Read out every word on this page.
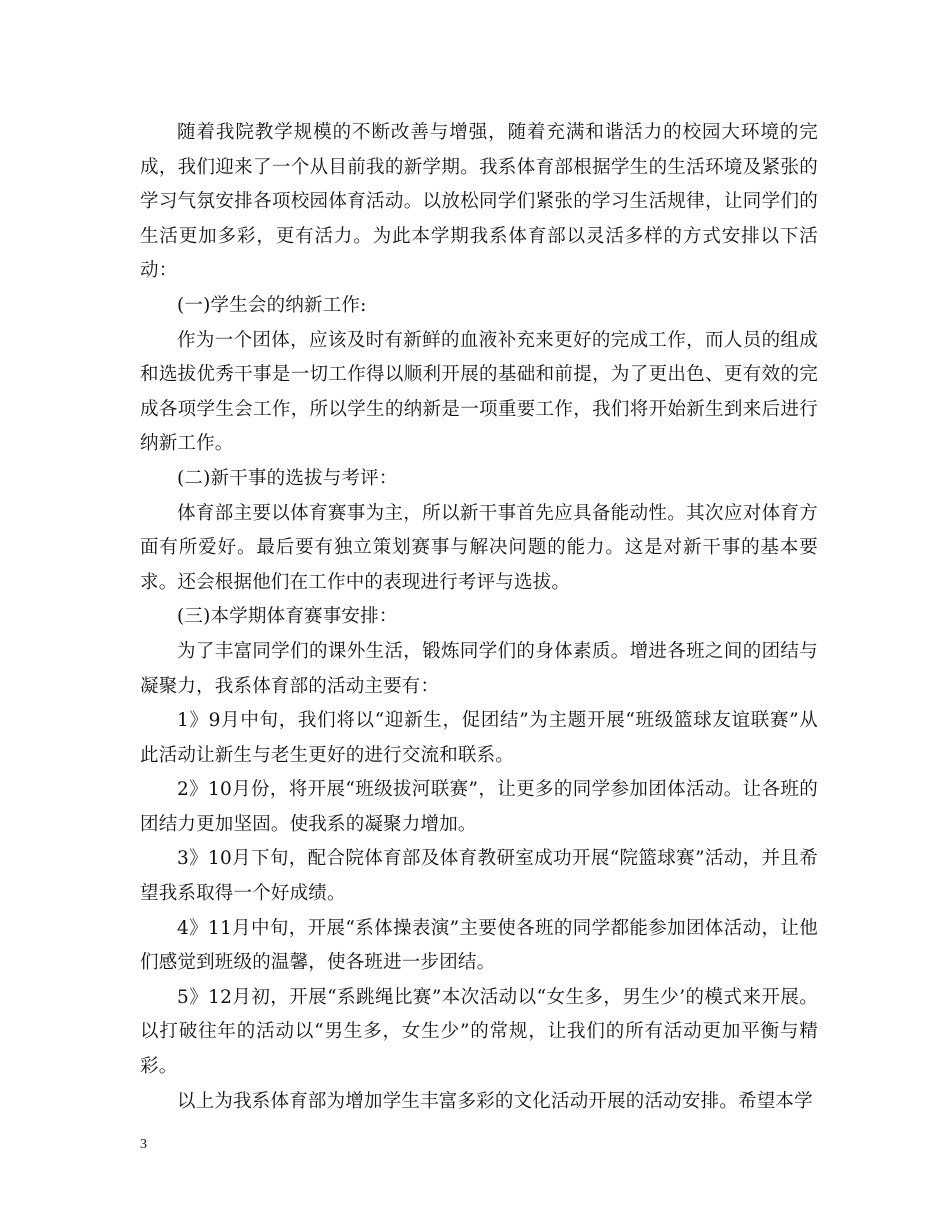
随着我院教学规模的不断改善与增强，随着充满和谐活力的校园大环境的完成，我们迎来了一个从目前我的新学期。我系体育部根据学生的生活环境及紧张的学习气氛安排各项校园体育活动。以放松同学们紧张的学习生活规律，让同学们的生活更加多彩，更有活力。为此本学期我系体育部以灵活多样的方式安排以下活动：

(一)学生会的纳新工作:

作为一个团体，应该及时有新鲜的血液补充来更好的完成工作，而人员的组成和选拔优秀干事是一切工作得以顺利开展的基础和前提，为了更出色、更有效的完成各项学生会工作，所以学生的纳新是一项重要工作，我们将开始新生到来后进行纳新工作。

(二)新干事的选拔与考评：

体育部主要以体育赛事为主，所以新干事首先应具备能动性。其次应对体育方面有所爱好。最后要有独立策划赛事与解决问题的能力。这是对新干事的基本要求。还会根据他们在工作中的表现进行考评与选拔。

(三)本学期体育赛事安排：

为了丰富同学们的课外生活，锻炼同学们的身体素质。增进各班之间的团结与凝聚力，我系体育部的活动主要有：

1》9月中旬，我们将以“迎新生，促团结”为主题开展“班级篮球友谊联赛”从此活动让新生与老生更好的进行交流和联系。

2》10月份，将开展“班级拔河联赛”，让更多的同学参加团体活动。让各班的团结力更加坚固。使我系的凝聚力增加。

3》10月下旬，配合院体育部及体育教研室成功开展“院篮球赛”活动，并且希望我系取得一个好成绩。

4》11月中旬，开展“系体操表演”主要使各班的同学都能参加团体活动，让他们感觉到班级的温馨，使各班进一步团结。

5》12月初，开展“系跳绳比赛”本次活动以“女生多，男生少’的模式来开展。以打破往年的活动以“男生多，女生少”的常规，让我们的所有活动更加平衡与精彩。

以上为我系体育部为增加学生丰富多彩的文化活动开展的活动安排。希望本学

3
